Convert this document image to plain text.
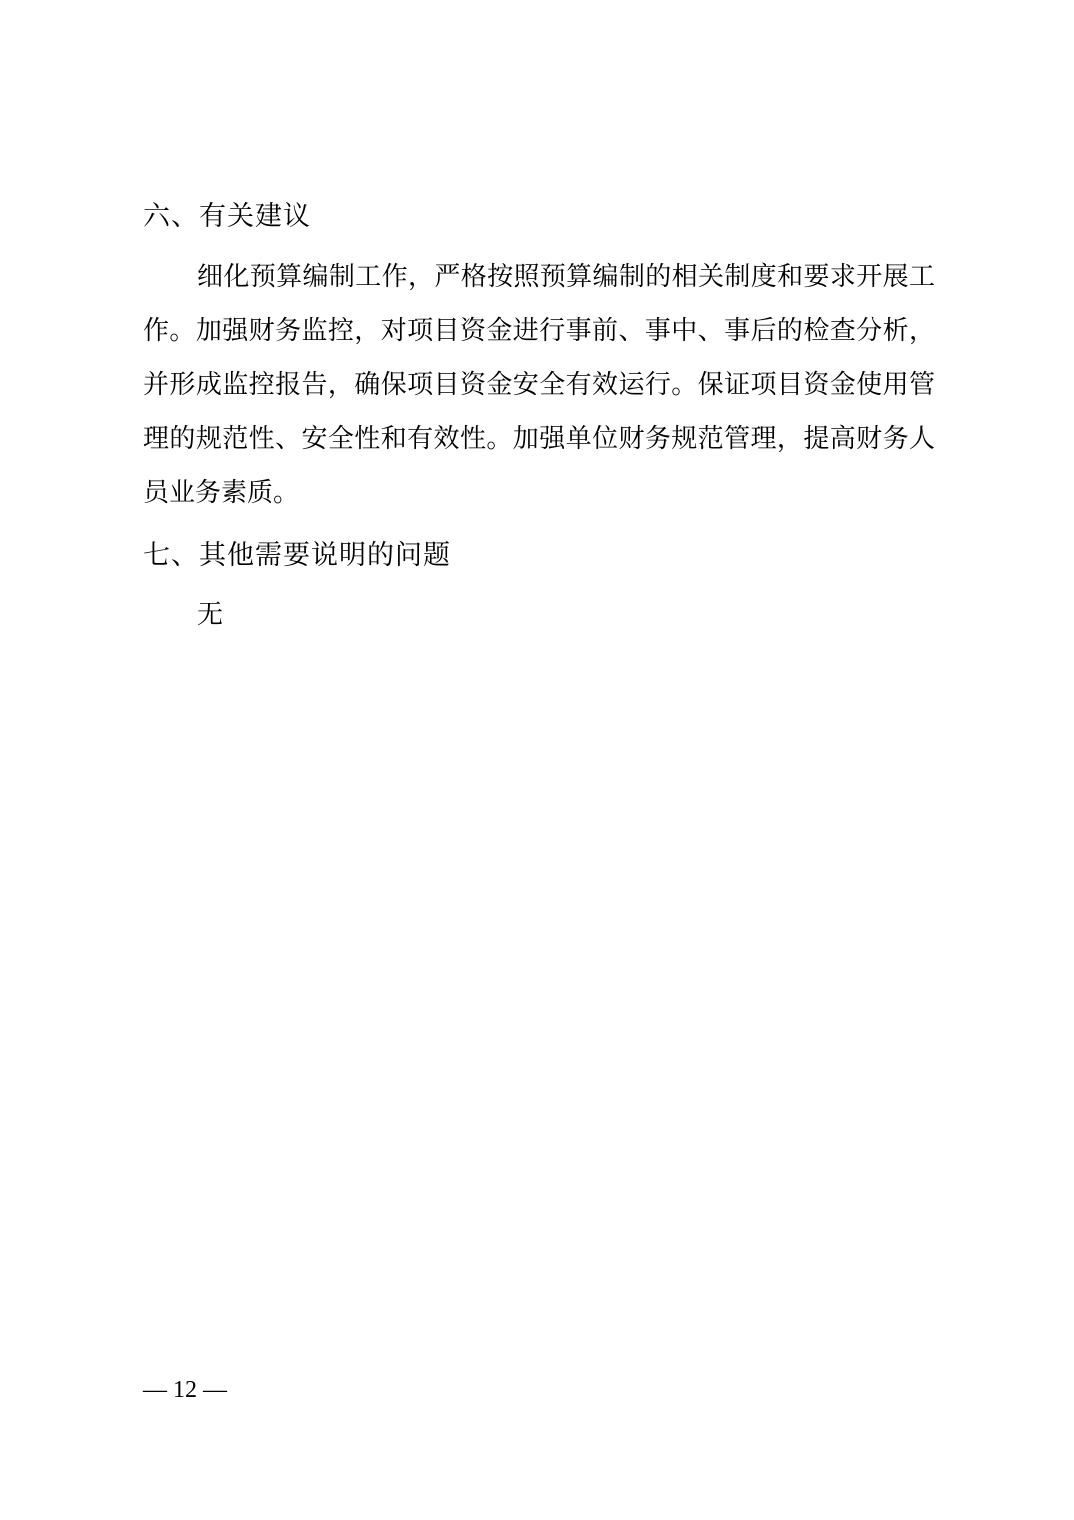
六、有关建议

细化预算编制工作，严格按照预算编制的相关制度和要求开展工作。加强财务监控，对项目资金进行事前、事中、事后的检查分析，并形成监控报告，确保项目资金安全有效运行。保证项目资金使用管理的规范性、安全性和有效性。加强单位财务规范管理，提高财务人员业务素质。

七、其他需要说明的问题

无

— 12 —
